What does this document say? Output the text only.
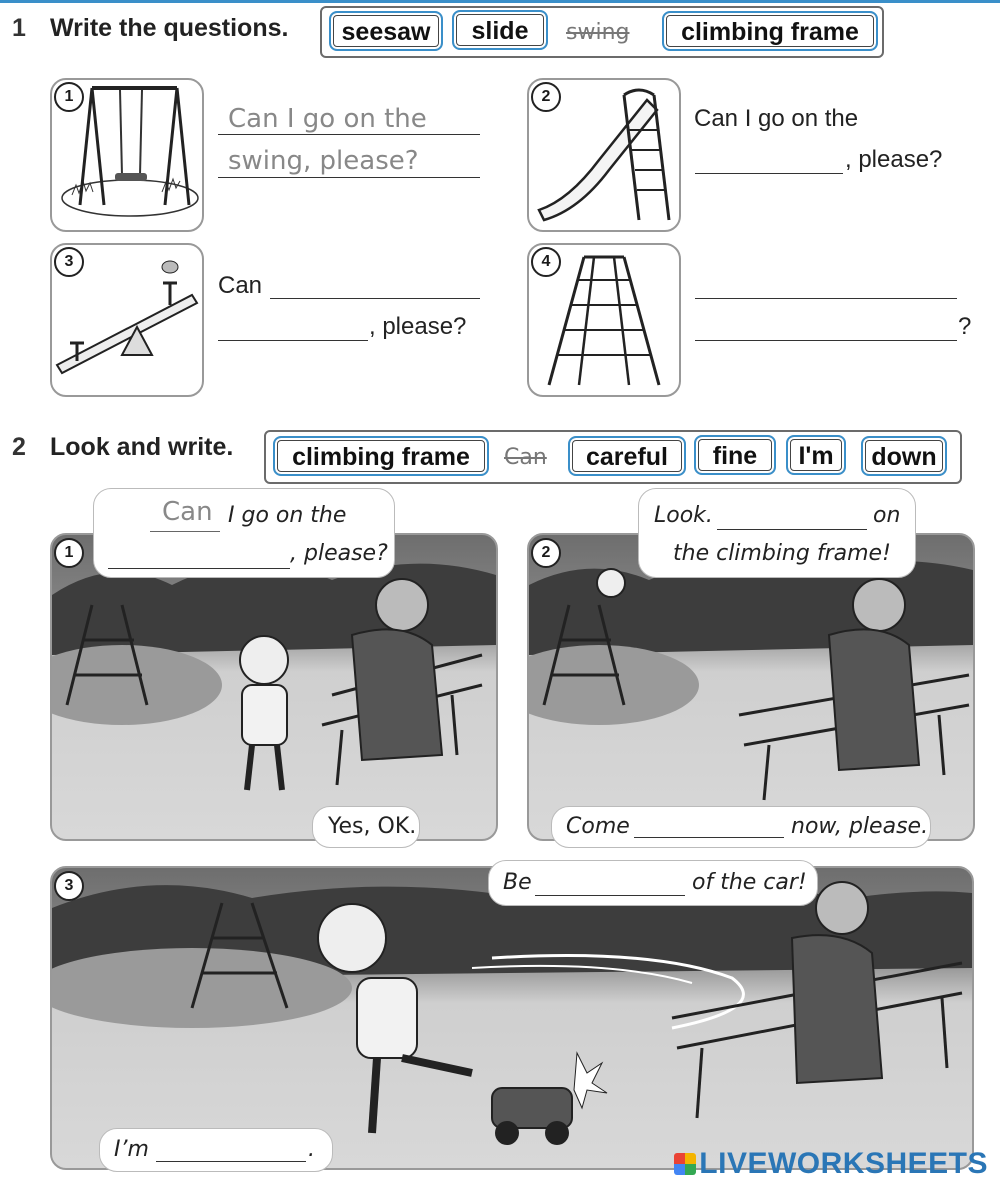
1 Write the questions.	seesaw	slide	swing	climbing frame
1
Can I go on the
swing, please?
2
Can I go on the
, please?
3
Can
, please?
4
?
2 Look and write.	climbing frame	Can	careful	fine	I'm	down
1
Can I go on the
, please?
Yes, OK.
2
Look.	on
the climbing frame!
Come	now, please.
3	Be	of the car!
I’m	.	LIVEWORKSHEETS
